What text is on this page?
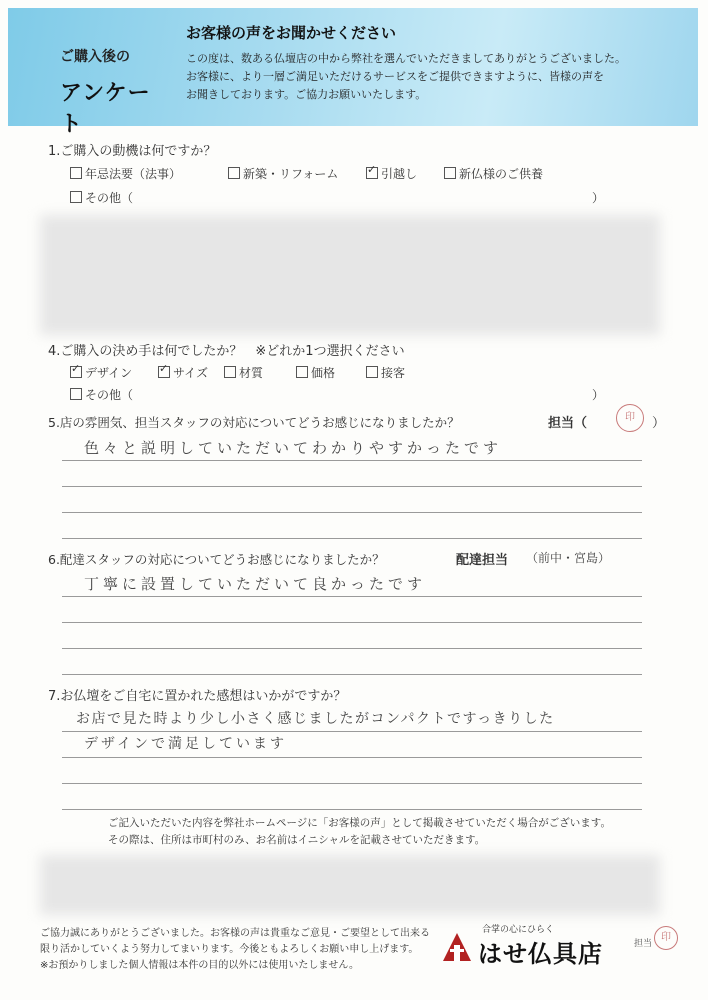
ご購入後の
アンケート
お客様の声をお聞かせください
この度は、数ある仏壇店の中から弊社を選んでいただきましてありがとうございました。
お客様に、より一層ご満足いただけるサービスをご提供できますように、皆様の声を
お聞きしております。ご協力お願いいたします。
1.ご購入の動機は何ですか？
年忌法要（法事）	新築・リフォーム ✓	引越し	新仏様のご供養
その他（	）
4.ご購入の決め手は何でしたか？　※どれか1つ選択ください
✓デザイン ✓	サイズ	材質	価格	接客
その他（	）
5.店の雰囲気、担当スタッフの対応についてどうお感じになりましたか？	担当（	印	）
色々と説明していただいてわかりやすかったです
6.配達スタッフの対応についてどうお感じになりましたか？	配達担当 （前中・宮島）
丁寧に設置していただいて良かったです
7.お仏壇をご自宅に置かれた感想はいかがですか？
お店で見た時より少し小さく感じましたがコンパクトですっきりした
デザインで満足しています
ご記入いただいた内容を弊社ホームページに「お客様の声」として掲載させていただく場合がございます。
その際は、住所は市町村のみ、お名前はイニシャルを記載させていただきます。
ご協力誠にありがとうございました。お客様の声は貴重なご意見・ご要望として出来る
限り活かしていくよう努力してまいります。今後ともよろしくお願い申し上げます。
※お預かりしました個人情報は本件の目的以外には使用いたしません。
合掌の心にひらく
はせ仏具店	担当
印
